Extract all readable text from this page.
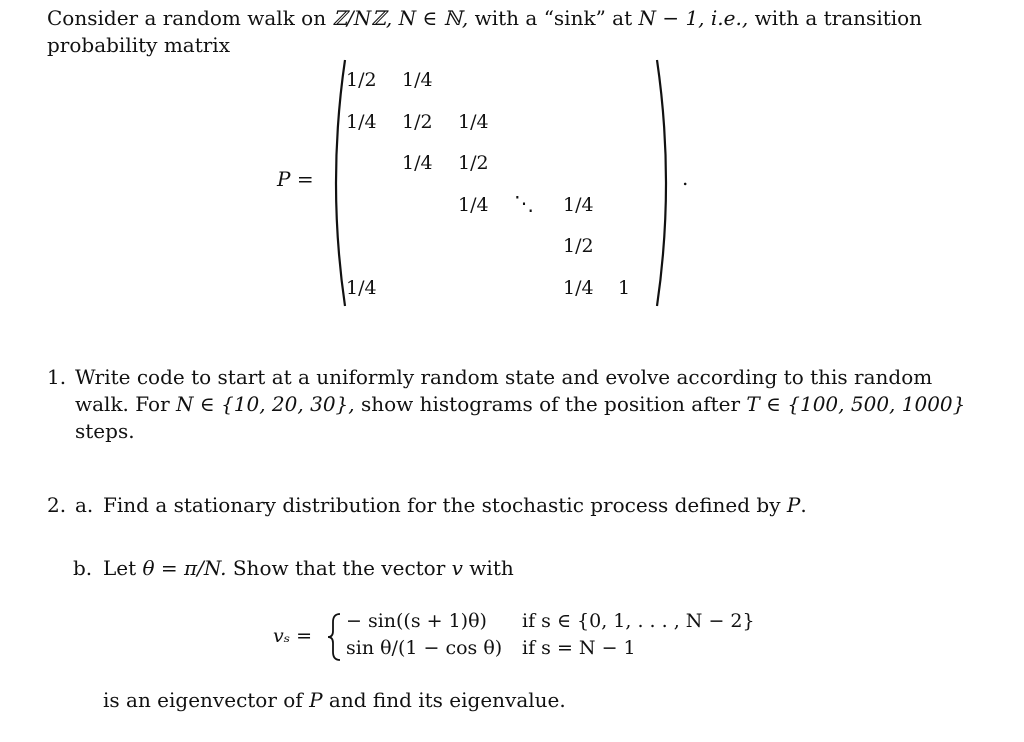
Consider a random walk on ℤ/Nℤ, N ∈ ℕ, with a “sink” at N − 1, i.e., with a transition
probability matrix
P =
1/2 1/4
1/4 1/2 1/4
1/4 1/2
1/4 ⋱ 1/4
1/2
1/4	1/4 1
.
1. Write code to start at a uniformly random state and evolve according to this random
walk. For N ∈ {10, 20, 30}, show histograms of the position after T ∈ {100, 500, 1000}
steps.
2. a. Find a stationary distribution for the stochastic process defined by P.
b. Let θ = π/N. Show that the vector v with
vₛ =
− sin((s + 1)θ) if s ∈ {0, 1, . . . , N − 2}
sin θ/(1 − cos θ) if s = N − 1
is an eigenvector of P and find its eigenvalue.
